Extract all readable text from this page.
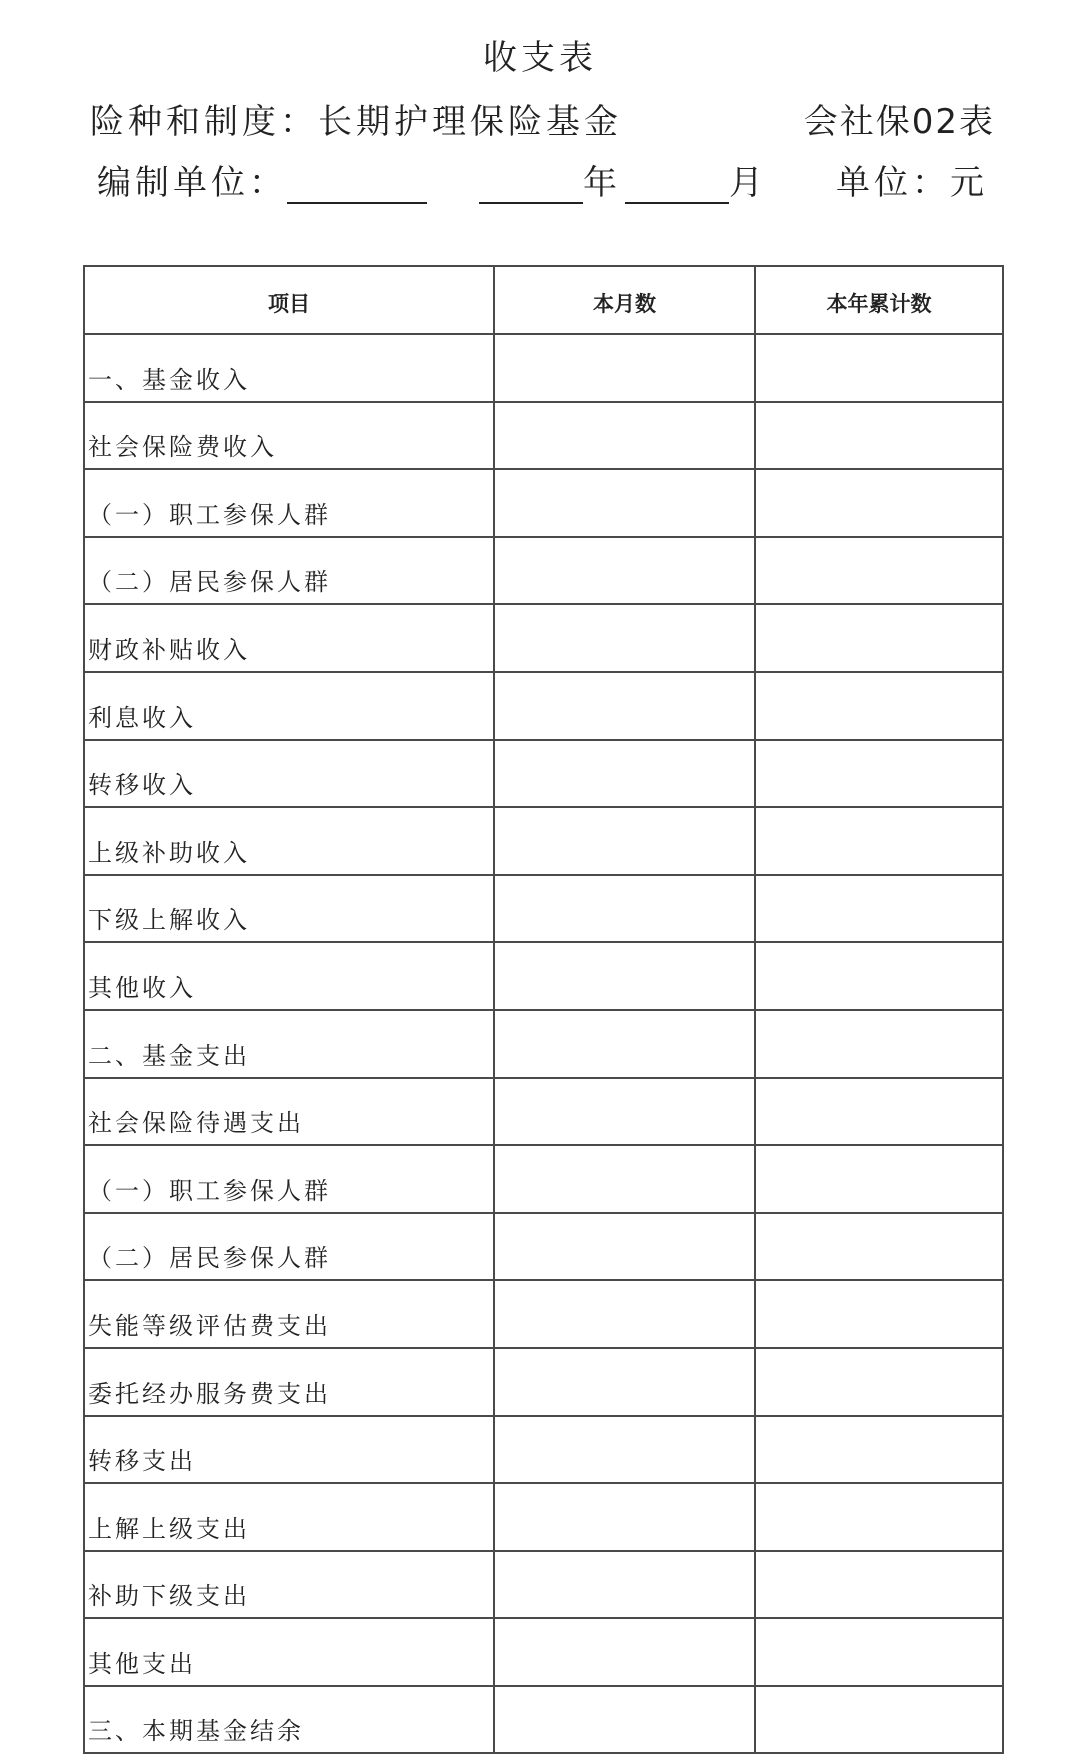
收支表
险种和制度：长期护理保险基金	会社保02表
编制单位：	年	月 单位：元
项目	本月数	本年累计数
一、基金收入		
社会保险费收入		
（一）职工参保人群		
（二）居民参保人群		
财政补贴收入		
利息收入		
转移收入		
上级补助收入		
下级上解收入		
其他收入		
二、基金支出		
社会保险待遇支出		
（一）职工参保人群		
（二）居民参保人群		
失能等级评估费支出		
委托经办服务费支出		
转移支出		
上解上级支出		
补助下级支出		
其他支出		
三、本期基金结余		
